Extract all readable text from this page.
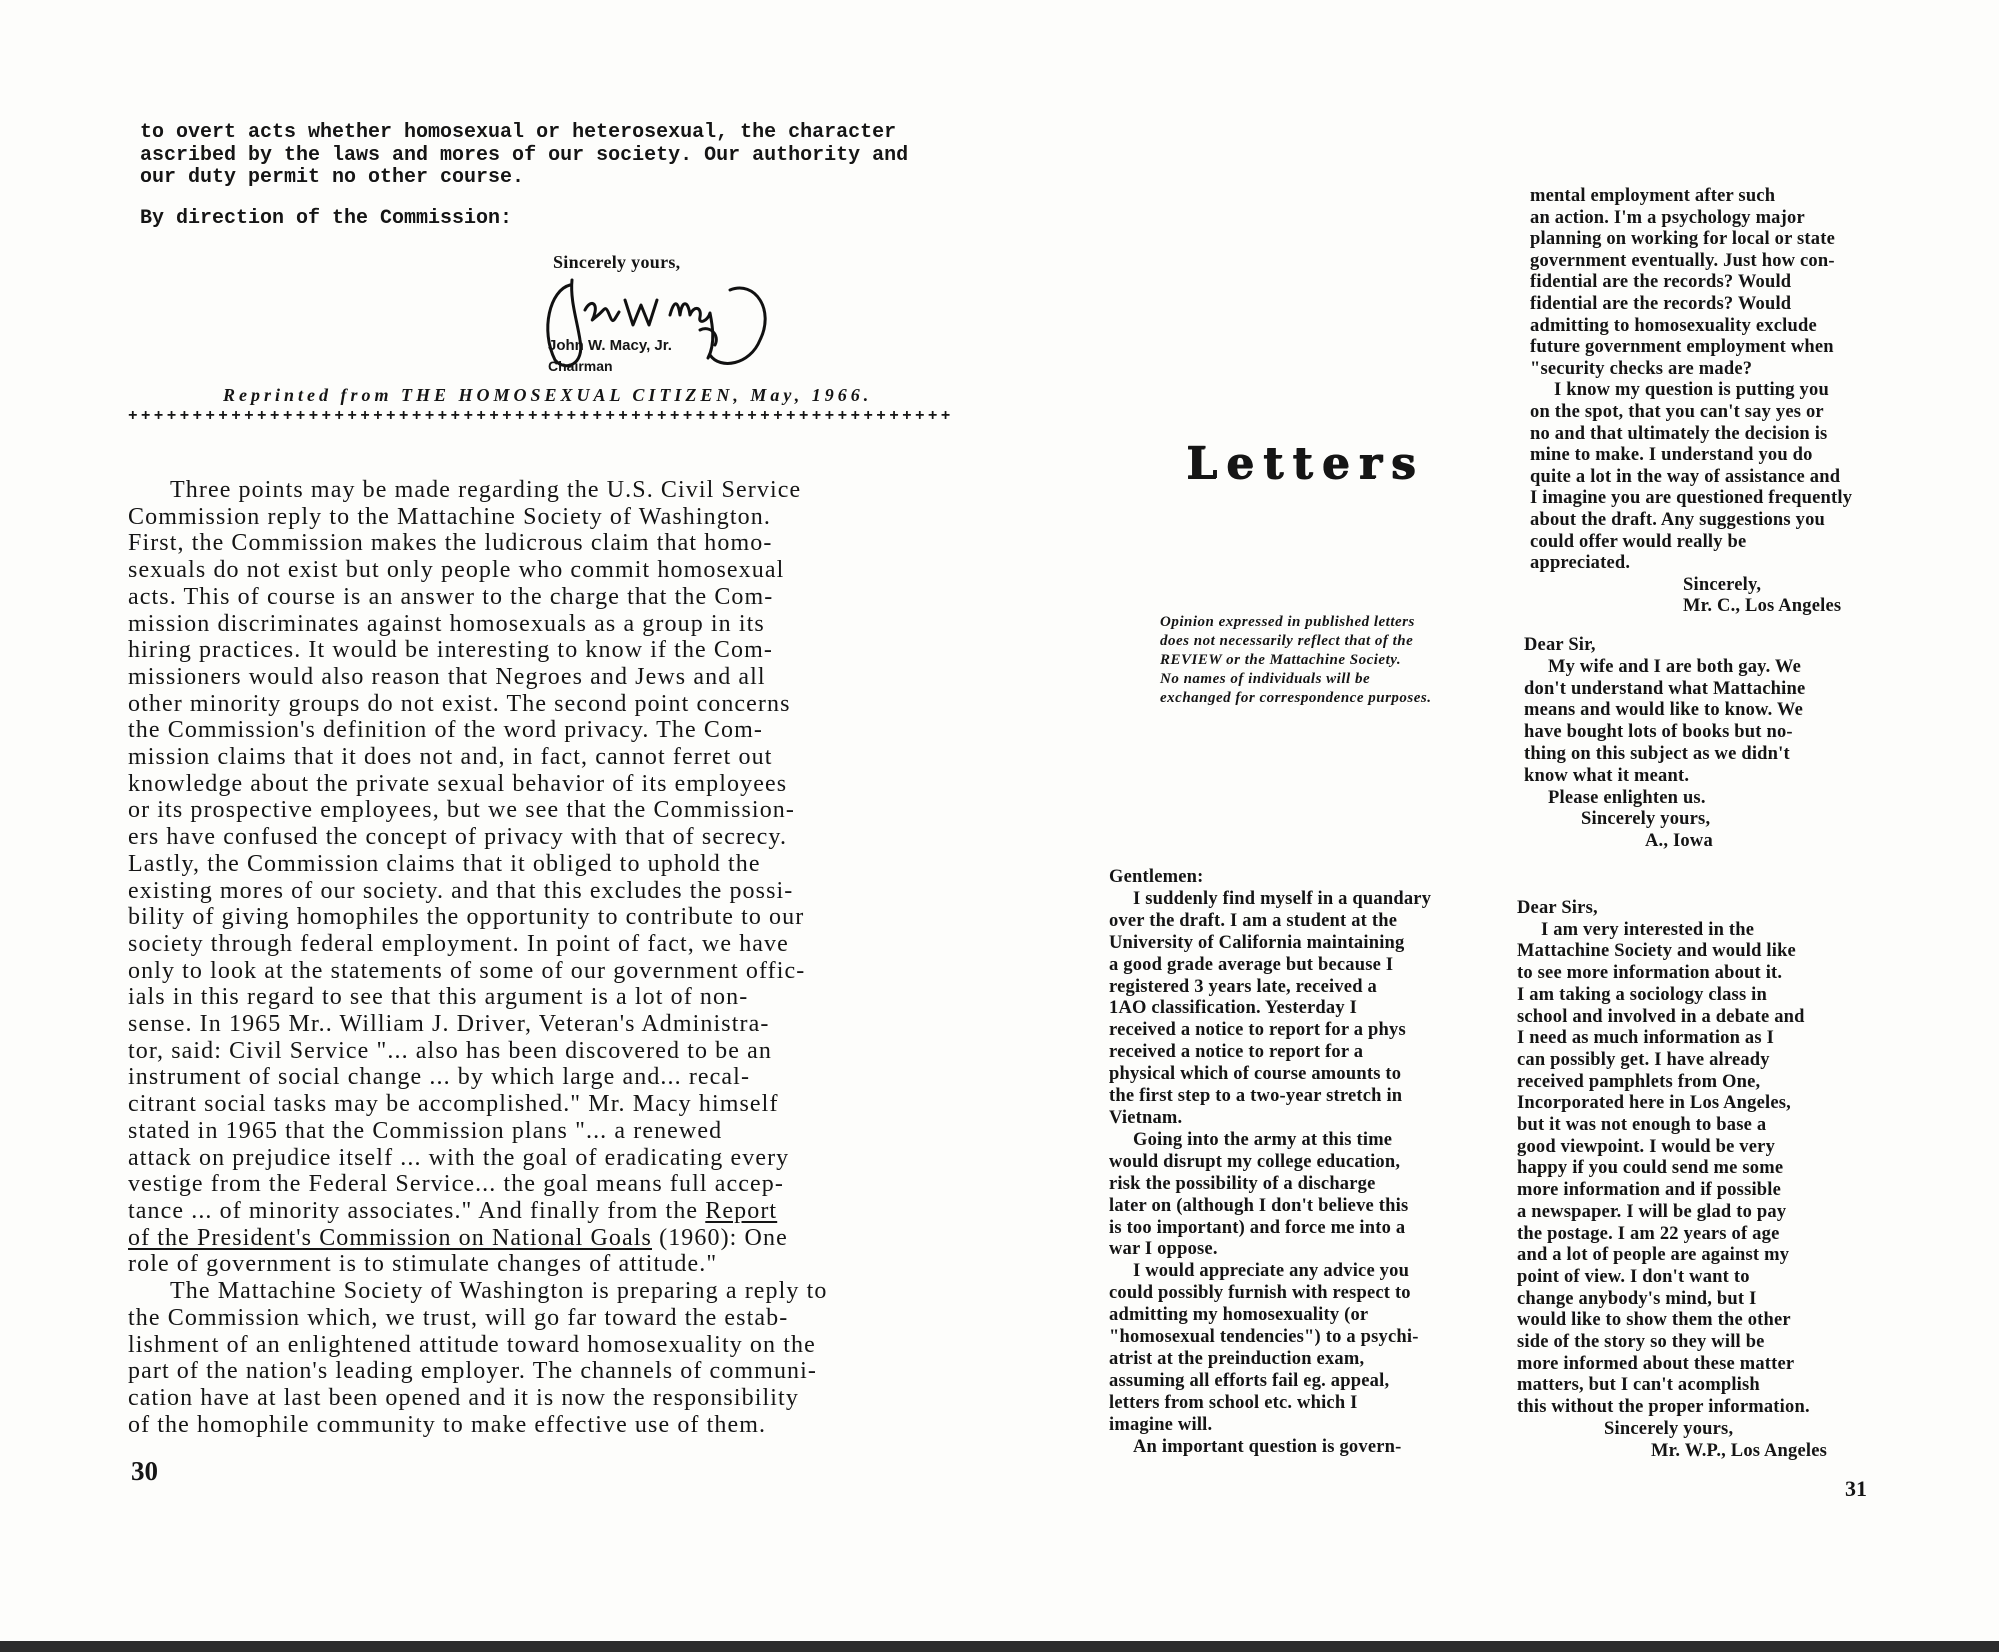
to overt acts whether homosexual or heterosexual, the character
ascribed by the laws and mores of our society. Our authority and
our duty permit no other course.
By direction of the Commission:
Sincerely yours,
John W. Macy, Jr.
Chairman
Reprinted from THE HOMOSEXUAL CITIZEN, May, 1966.
++++++++++++++++++++++++++++++++++++++++++++++++++++++++++++++++
Three points may be made regarding the U.S. Civil Service
Commission reply to the Mattachine Society of Washington.
First, the Commission makes the ludicrous claim that homo-
sexuals do not exist but only people who commit homosexual
acts. This of course is an answer to the charge that the Com-
mission discriminates against homosexuals as a group in its
hiring practices. It would be interesting to know if the Com-
missioners would also reason that Negroes and Jews and all
other minority groups do not exist. The second point concerns
the Commission's definition of the word privacy. The Com-
mission claims that it does not and, in fact, cannot ferret out
knowledge about the private sexual behavior of its employees
or its prospective employees, but we see that the Commission-
ers have confused the concept of privacy with that of secrecy.
Lastly, the Commission claims that it obliged to uphold the
existing mores of our society. and that this excludes the possi-
bility of giving homophiles the opportunity to contribute to our
society through federal employment. In point of fact, we have
only to look at the statements of some of our government offic-
ials in this regard to see that this argument is a lot of non-
sense. In 1965 Mr.. William J. Driver, Veteran's Administra-
tor, said: Civil Service "... also has been discovered to be an
instrument of social change ... by which large and... recal-
citrant social tasks may be accomplished." Mr. Macy himself
stated in 1965 that the Commission plans "... a renewed
attack on prejudice itself ... with the goal of eradicating every
vestige from the Federal Service... the goal means full accep-
tance ... of minority associates." And finally from the Report
of the President's Commission on National Goals (1960): One
role of government is to stimulate changes of attitude."
The Mattachine Society of Washington is preparing a reply to
the Commission which, we trust, will go far toward the estab-
lishment of an enlightened attitude toward homosexuality on the
part of the nation's leading employer. The channels of communi-
cation have at last been opened and it is now the responsibility
of the homophile community to make effective use of them.
30
Letters
Opinion expressed in published letters
does not necessarily reflect that of the
REVIEW or the Mattachine Society.
No names of individuals will be
exchanged for correspondence purposes.
Gentlemen:
I suddenly find myself in a quandary
over the draft. I am a student at the
University of California maintaining
a good grade average but because I
registered 3 years late, received a
1AO classification. Yesterday I
received a notice to report for a phys
received a notice to report for a
physical which of course amounts to
the first step to a two-year stretch in
Vietnam.
Going into the army at this time
would disrupt my college education,
risk the possibility of a discharge
later on (although I don't believe this
is too important) and force me into a
war I oppose.
I would appreciate any advice you
could possibly furnish with respect to
admitting my homosexuality (or
"homosexual tendencies") to a psychi-
atrist at the preinduction exam,
assuming all efforts fail eg. appeal,
letters from school etc. which I
imagine will.
An important question is govern-
mental employment after such
an action. I'm a psychology major
planning on working for local or state
government eventually. Just how con-
fidential are the records? Would
fidential are the records? Would
admitting to homosexuality exclude
future government employment when
"security checks are made?
I know my question is putting you
on the spot, that you can't say yes or
no and that ultimately the decision is
mine to make. I understand you do
quite a lot in the way of assistance and
I imagine you are questioned frequently
about the draft. Any suggestions you
could offer would really be
appreciated.
Sincerely,
Mr. C., Los Angeles
Dear Sir,
My wife and I are both gay. We
don't understand what Mattachine
means and would like to know. We
have bought lots of books but no-
thing on this subject as we didn't
know what it meant.
Please enlighten us.
Sincerely yours,
A., Iowa
Dear Sirs,
I am very interested in the
Mattachine Society and would like
to see more information about it.
I am taking a sociology class in
school and involved in a debate and
I need as much information as I
can possibly get. I have already
received pamphlets from One,
Incorporated here in Los Angeles,
but it was not enough to base a
good viewpoint. I would be very
happy if you could send me some
more information and if possible
a newspaper. I will be glad to pay
the postage. I am 22 years of age
and a lot of people are against my
point of view. I don't want to
change anybody's mind, but I
would like to show them the other
side of the story so they will be
more informed about these matter
matters, but I can't acomplish
this without the proper information.
Sincerely yours,
Mr. W.P., Los Angeles
31
